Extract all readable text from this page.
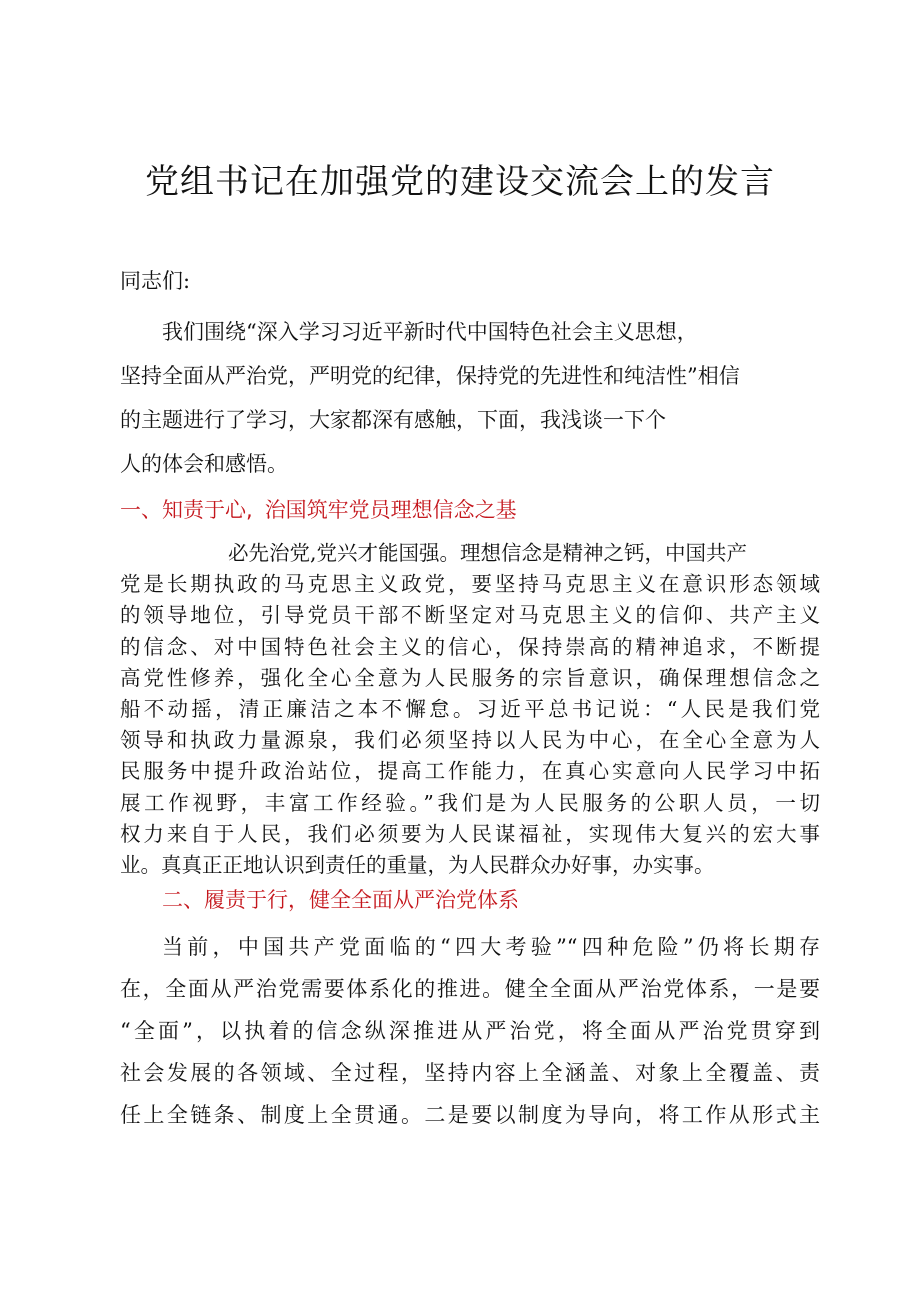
党组书记在加强党的建设交流会上的发言
同志们:
我们围绕“深入学习习近平新时代中国特色社会主义思想，
坚持全面从严治党，严明党的纪律，保持党的先进性和纯洁性”相信
的主题进行了学习，大家都深有感触，下面，我浅谈一下个
人的体会和感悟。
一、知责于心, 治国筑牢党员理想信念之基
必先治党,党兴才能国强。理想信念是精神之钙，中国共产
党是长期执政的马克思主义政党，要坚持马克思主义在意识形态领域
的领导地位，引导党员干部不断坚定对马克思主义的信仰、共产主义
的信念、对中国特色社会主义的信心，保持崇高的精神追求，不断提
高党性修养，强化全心全意为人民服务的宗旨意识，确保理想信念之
船不动摇，清正廉洁之本不懈怠。习近平总书记说：“人民是我们党
领导和执政力量源泉，我们必须坚持以人民为中心，在全心全意为人
民服务中提升政治站位，提高工作能力，在真心实意向人民学习中拓
展工作视野，丰富工作经验。”我们是为人民服务的公职人员，一切
权力来自于人民，我们必须要为人民谋福祉，实现伟大复兴的宏大事
业。真真正正地认识到责任的重量，为人民群众办好事，办实事。
二、履责于行，健全全面从严治党体系
当前，中国共产党面临的“四大考验”“四种危险”仍将长期存
在，全面从严治党需要体系化的推进。健全全面从严治党体系，一是要
“全面”，以执着的信念纵深推进从严治党，将全面从严治党贯穿到
社会发展的各领域、全过程，坚持内容上全涵盖、对象上全覆盖、责
任上全链条、制度上全贯通。二是要以制度为导向，将工作从形式主
